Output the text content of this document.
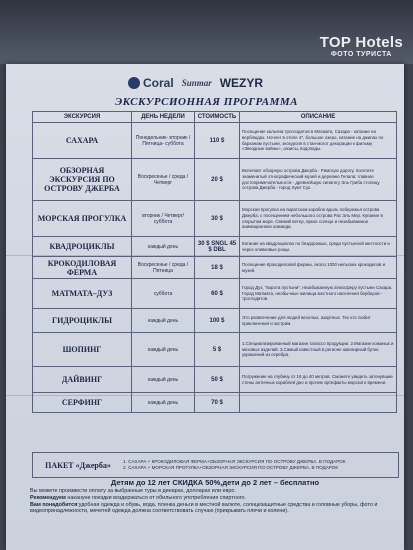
TOP Hotels
ФОТО ТУРИСТА
Coral Sunmar WEZYR
ЭКСКУРСИОННАЯ ПРОГРАММА
ЭКСКУРСИЯ	ДЕНЬ НЕДЕЛИ	СТОИМОСТЬ	ОПИСАНИЕ
САХАРА	Понедельник- вторник / Пятница- суббота	110 $	Посещение кальяна троглодитов в Матмата, Сахара - катание на верблюдах. Ночлег в отеле 4*, большое озеро, катание на джипах по барханам пустыни, экскурсия в стан-могот декорации к фильму «Звездные войны», оазисы, водопады.
ОБЗОРНАЯ ЭКСКУРСИЯ ПО ОСТРОВУ ДЖЕРБА	Воскресенье / среда / Четверг	20 $	Включает обзорную острова Джерба - Римскую дорогу, посетите знаменитый этнографический музей и деревню Гелала: главное достопримечательности - древнейшую синагогу Эль Гриба столицу острова Джерба - город Хумт Сук.
МОРСКАЯ ПРОГУЛКА	вторник / Четверг/ суббота	30 $	Морская прогулка на пиратском корабле вдоль побережья острова Джерба, с посещением небольшого острова Рас Эль Мер. Купание в открытом море. Свежий ветер, яркое солнце и незабываемое анимационное команда.
КВАДРОЦИКЛЫ	каждый день	30 $ SNGL 45 $ DBL	Катание на квадроциклах по бездорожью, среди пустынной местности и через оливковые рощи.
КРОКОДИЛОВАЯ ФЕРМА	Воскресенье / среда / Пятница	18 $	Посещение Крокодиловой фермы, около 1000 нильских крокодилов и музей.
МАТМАТА–ДУЗ	суббота	60 $	Город Дуз, "ворота пустыни", незабываемую атмосферу пустыни Сахара. Город Матмата, необычные жилища местного населения берберов - троглодитов.
ГИДРОЦИКЛЫ	каждый день	100 $	Это развлечение для людей веселых, азартных. Тех кто любит приключения и экстрим.
ШОПИНГ	каждый день	5 $	1.Специализированный магазин талассо продукции. 2.Магазин кожаных и меховых изделий. 3.Самый известный в регионе ювелирный бутик украшений из серебра.
ДАЙВИНГ	каждый день	50 $	Погружение на глубину от 18 до 40 метров. Сможете увидеть затонувшие стены античных кораблей дно и прочие артефакты морского времени.
СЕРФИНГ	каждый день	70 $	
ПАКЕТ «Джерба»	1. САХАРА + КРОКОДИЛОВАЯ ФЕРМА+ОБЗОРНАЯ ЭКСКУРСИЯ ПО ОСТРОВУ ДЖЕРБА. В ПОДАРОК
2. САХАРА + МОРСКАЯ ПРОГУЛКА+ОБЗОРНАЯ ЭКСКУРСИЯ ПО ОСТРОВУ ДЖЕРБА. В ПОДАРОК
Детям до 12 лет СКИДКА 50%,дети до 2 лет – бесплатно
Вы можете произвести оплату за выбранные туры в динарах, долларах или евро.
Рекомендуем накануне поездки воздержаться от обильного употребления спиртного.
Вам понадобится:удобная одежда и обувь, вода, пленка деньги в местной валюте, солнцезащитные средства и головные уборы, фото и видеопринадлежности, мечетей одежда должна соответствовать случаю (прикрывать плечи и колени).
